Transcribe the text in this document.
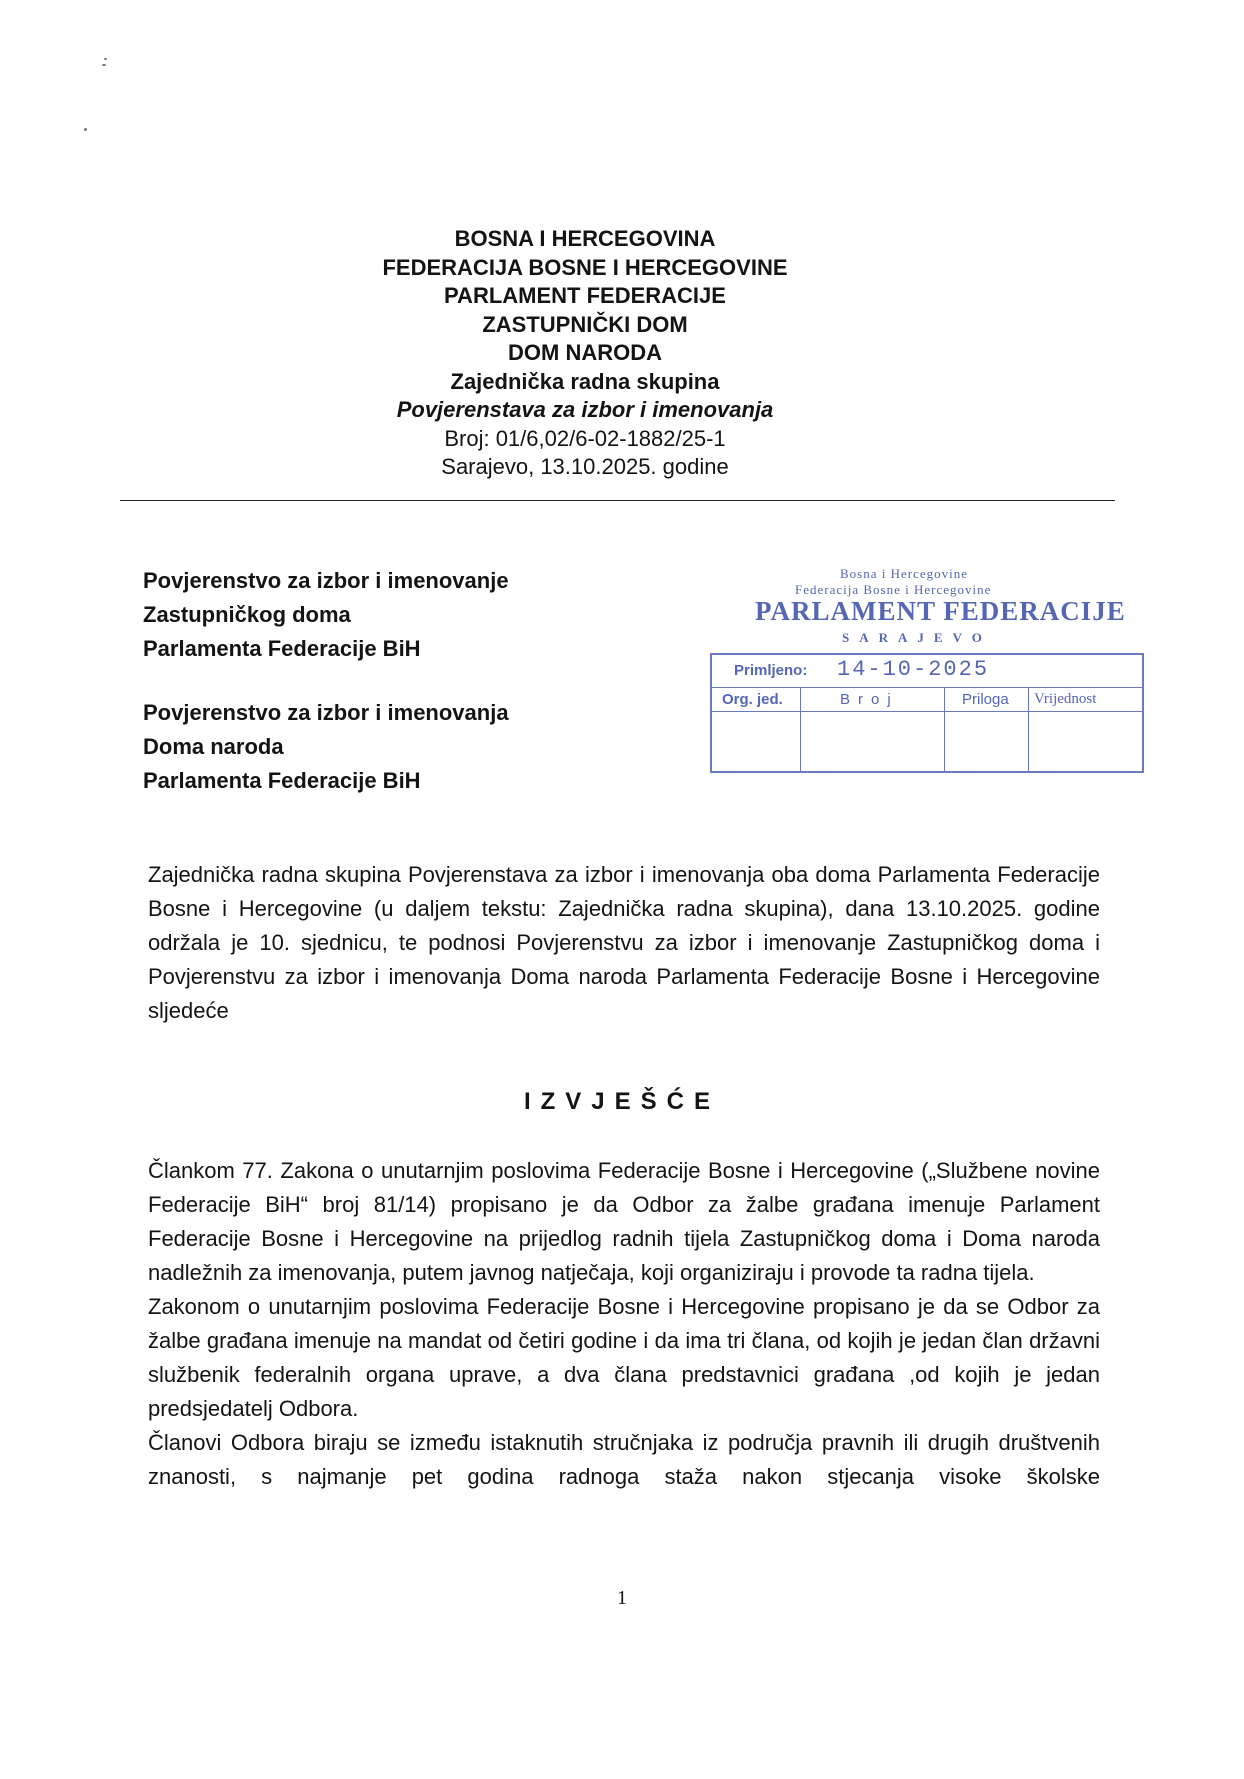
BOSNA I HERCEGOVINA
FEDERACIJA BOSNE I HERCEGOVINE
PARLAMENT FEDERACIJE
ZASTUPNIČKI DOM
DOM NARODA
Zajednička radna skupina
Povjerenstava za izbor i imenovanja
Broj: 01/6,02/6-02-1882/25-1
Sarajevo, 13.10.2025. godine
Povjerenstvo za izbor i imenovanje
Zastupničkog doma
Parlamenta Federacije BiH
Povjerenstvo za izbor i imenovanja
Doma naroda
Parlamenta Federacije BiH
Bosna i Hercegovine
Federacija Bosne i Hercegovine
PARLAMENT FEDERACIJE
SARAJEVO
Primljeno: 14-10-2025
Org. jed.	Broj	Priloga Vrijednost

Zajednička radna skupina Povjerenstava za izbor i imenovanja oba doma Parlamenta Federacije Bosne i Hercegovine (u daljem tekstu: Zajednička radna skupina), dana 13.10.2025. godine održala je 10. sjednicu, te podnosi Povjerenstvu za izbor i imenovanje Zastupničkog doma i Povjerenstvu za izbor i imenovanja Doma naroda Parlamenta Federacije Bosne i Hercegovine sljedeće

IZVJEŠĆE

Člankom 77. Zakona o unutarnjim poslovima Federacije Bosne i Hercegovine („Službene novine Federacije BiH“ broj 81/14) propisano je da Odbor za žalbe građana imenuje Parlament Federacije Bosne i Hercegovine na prijedlog radnih tijela Zastupničkog doma i Doma naroda nadležnih za imenovanja, putem javnog natječaja, koji organiziraju i provode ta radna tijela.

Zakonom o unutarnjim poslovima Federacije Bosne i Hercegovine propisano je da se Odbor za žalbe građana imenuje na mandat od četiri godine i da ima tri člana, od kojih je jedan član državni službenik federalnih organa uprave, a dva člana predstavnici građana ,od kojih je jedan predsjedatelj Odbora.

Članovi Odbora biraju se između istaknutih stručnjaka iz područja pravnih ili drugih društvenih znanosti, s najmanje pet godina radnoga staža nakon stjecanja visoke školske

1
